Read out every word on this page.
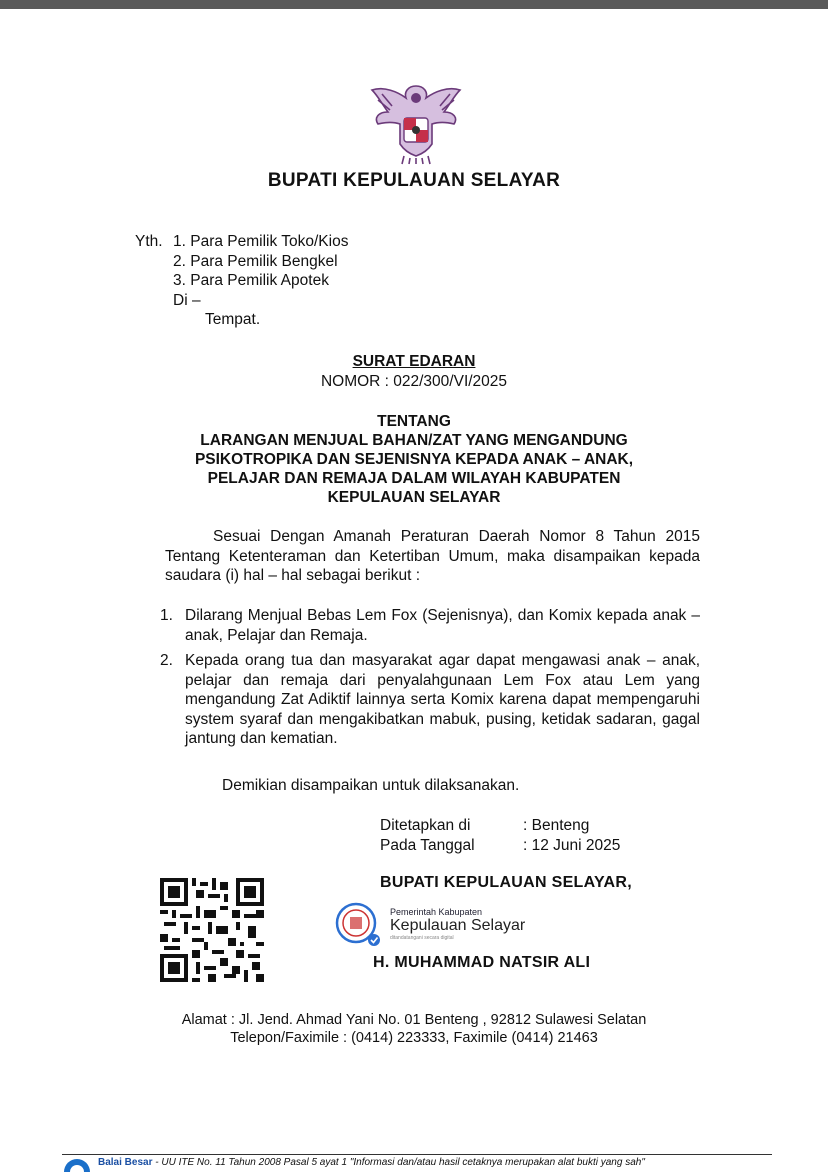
BUPATI KEPULAUAN SELAYAR
Yth. 1. Para Pemilik Toko/Kios
2. Para Pemilik Bengkel
3. Para Pemilik Apotek
Di –
Tempat.
SURAT EDARAN
NOMOR : 022/300/VI/2025
TENTANG
LARANGAN MENJUAL BAHAN/ZAT YANG MENGANDUNG
PSIKOTROPIKA DAN SEJENISNYA KEPADA ANAK – ANAK,
PELAJAR DAN REMAJA DALAM WILAYAH KABUPATEN
KEPULAUAN SELAYAR
Sesuai Dengan Amanah Peraturan Daerah Nomor 8 Tahun 2015 Tentang Ketenteraman dan Ketertiban Umum, maka disampaikan kepada saudara (i) hal – hal sebagai berikut :
1. Dilarang Menjual Bebas Lem Fox (Sejenisnya), dan Komix kepada anak – anak, Pelajar dan Remaja.
2. Kepada orang tua dan masyarakat agar dapat mengawasi anak – anak, pelajar dan remaja dari penyalahgunaan Lem Fox atau Lem yang mengandung Zat Adiktif lainnya serta Komix karena dapat mempengaruhi system syaraf dan mengakibatkan mabuk, pusing, ketidak sadaran, gagal jantung dan kematian.
Demikian disampaikan untuk dilaksanakan.
Ditetapkan di	: Benteng
Pada Tanggal	: 12 Juni 2025
BUPATI KEPULAUAN SELAYAR,
Pemerintah Kabupaten
Kepulauan Selayar
ditandatangani secara digital
H. MUHAMMAD NATSIR ALI
Alamat : Jl. Jend. Ahmad Yani No. 01 Benteng , 92812 Sulawesi Selatan
Telepon/Faximile : (0414) 223333, Faximile (0414) 21463
Balai Besar - UU ITE No. 11 Tahun 2008 Pasal 5 ayat 1 "Informasi dan/atau hasil cetaknya merupakan alat bukti yang sah"
